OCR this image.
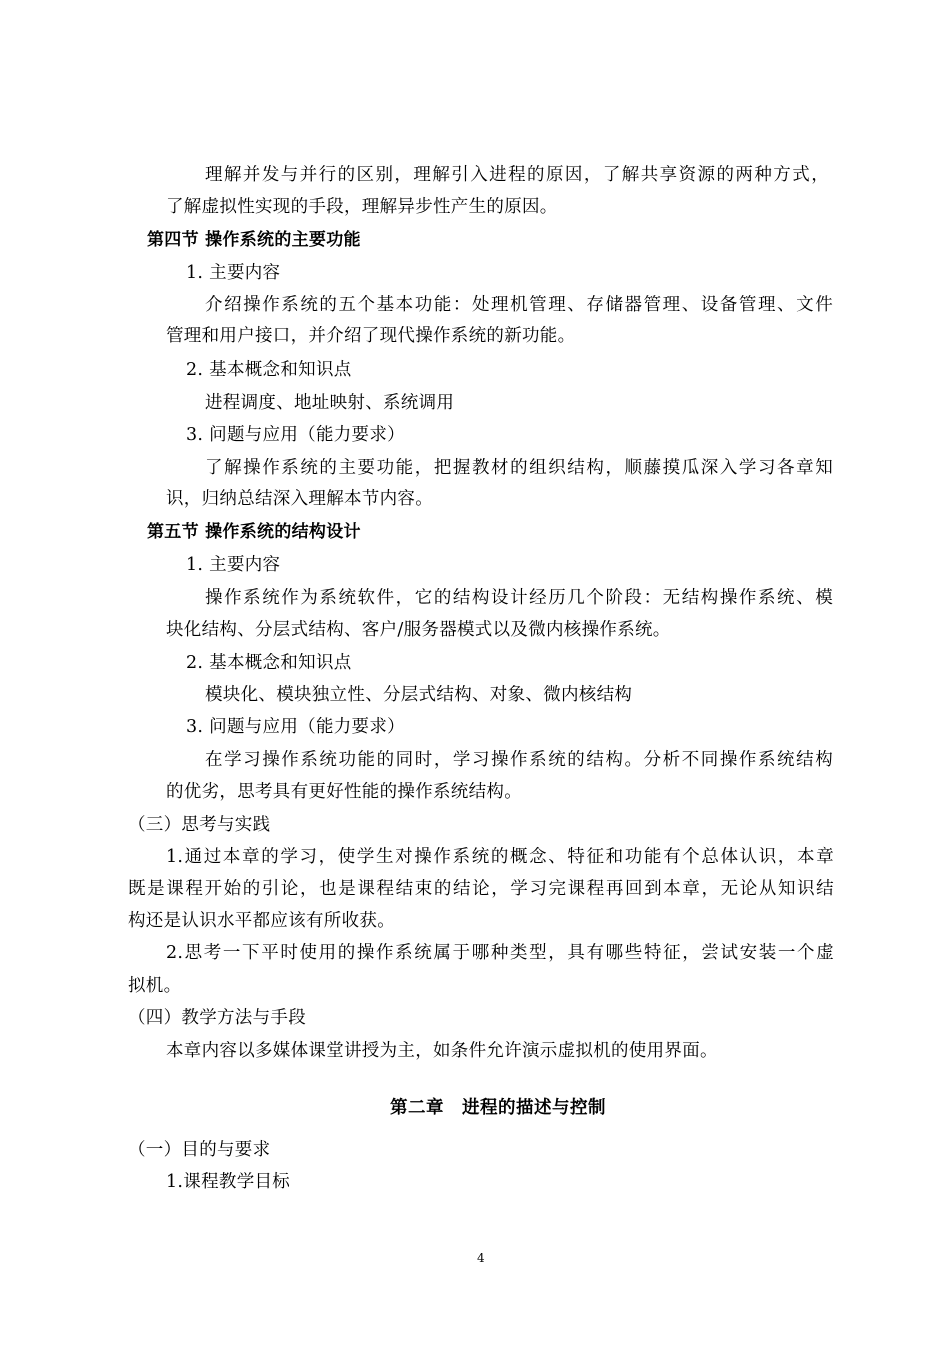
理解并发与并行的区别，理解引入进程的原因，了解共享资源的两种方式，
了解虚拟性实现的手段，理解异步性产生的原因。
第四节 操作系统的主要功能
1. 主要内容
介绍操作系统的五个基本功能：处理机管理、存储器管理、设备管理、文件
管理和用户接口，并介绍了现代操作系统的新功能。
2. 基本概念和知识点
进程调度、地址映射、系统调用
3. 问题与应用（能力要求）
了解操作系统的主要功能，把握教材的组织结构，顺藤摸瓜深入学习各章知
识，归纳总结深入理解本节内容。
第五节 操作系统的结构设计
1. 主要内容
操作系统作为系统软件，它的结构设计经历几个阶段：无结构操作系统、模
块化结构、分层式结构、客户/服务器模式以及微内核操作系统。
2. 基本概念和知识点
模块化、模块独立性、分层式结构、对象、微内核结构
3. 问题与应用（能力要求）
在学习操作系统功能的同时，学习操作系统的结构。分析不同操作系统结构
的优劣，思考具有更好性能的操作系统结构。
（三）思考与实践
1.通过本章的学习，使学生对操作系统的概念、特征和功能有个总体认识，本章
既是课程开始的引论，也是课程结束的结论，学习完课程再回到本章，无论从知识结
构还是认识水平都应该有所收获。
2.思考一下平时使用的操作系统属于哪种类型，具有哪些特征，尝试安装一个虚
拟机。
（四）教学方法与手段
本章内容以多媒体课堂讲授为主，如条件允许演示虚拟机的使用界面。
第二章　进程的描述与控制
（一）目的与要求
1.课程教学目标
4
